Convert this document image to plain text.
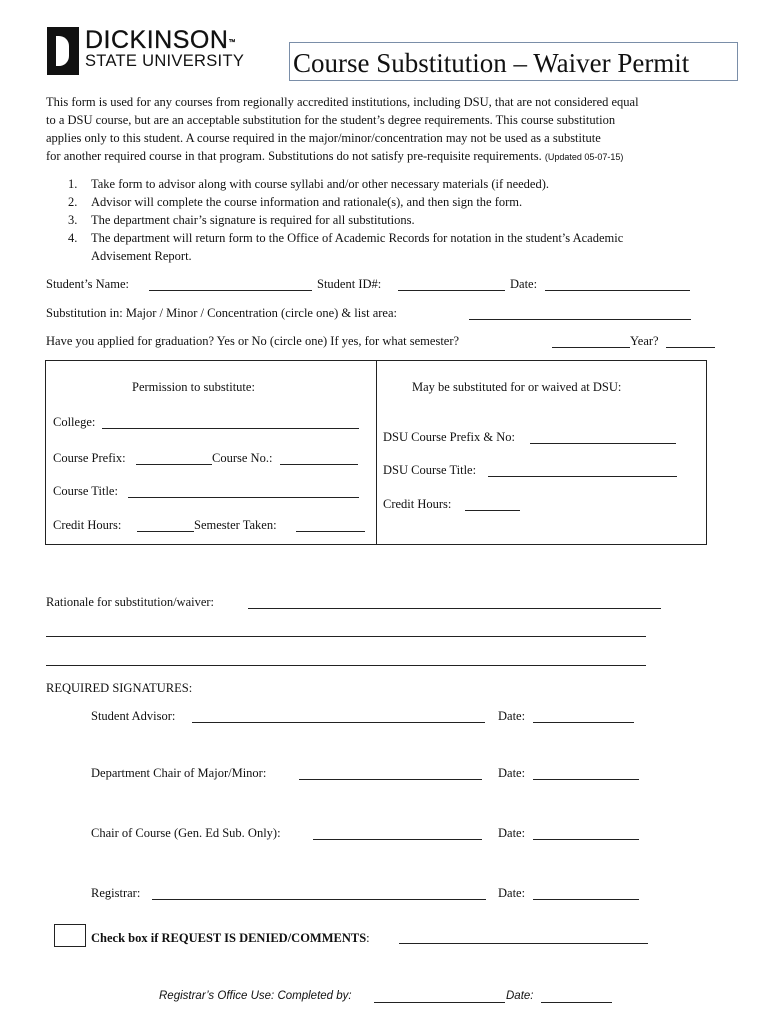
DICKINSON™
STATE UNIVERSITY Course Substitution – Waiver Permit
This form is used for any courses from regionally accredited institutions, including DSU, that are not considered equal
to a DSU course, but are an acceptable substitution for the student’s degree requirements. This course substitution
applies only to this student. A course required in the major/minor/concentration may not be used as a substitute
for another required course in that program. Substitutions do not satisfy pre-requisite requirements. (Updated 05-07-15)
1. Take form to advisor along with course syllabi and/or other necessary materials (if needed).
2. Advisor will complete the course information and rationale(s), and then sign the form.
3. The department chair’s signature is required for all substitutions.
4. The department will return form to the Office of Academic Records for notation in the student’s Academic
Advisement Report.
Student’s Name:	Student ID#:	Date:
Substitution in: Major / Minor / Concentration (circle one) & list area:
Have you applied for graduation? Yes or No (circle one) If yes, for what semester?	Year?
Permission to substitute:	May be substituted for or waived at DSU:
College:
Course Prefix:	Course No.:
Course Title:
Credit Hours:	Semester Taken:
DSU Course Prefix & No:
DSU Course Title:
Credit Hours:
Rationale for substitution/waiver:
REQUIRED SIGNATURES:
Student Advisor:	Date:
Department Chair of Major/Minor:	Date:
Chair of Course (Gen. Ed Sub. Only):	Date:
Registrar:	Date:
Check box if REQUEST IS DENIED/COMMENTS:
Registrar’s Office Use: Completed by:	Date:
